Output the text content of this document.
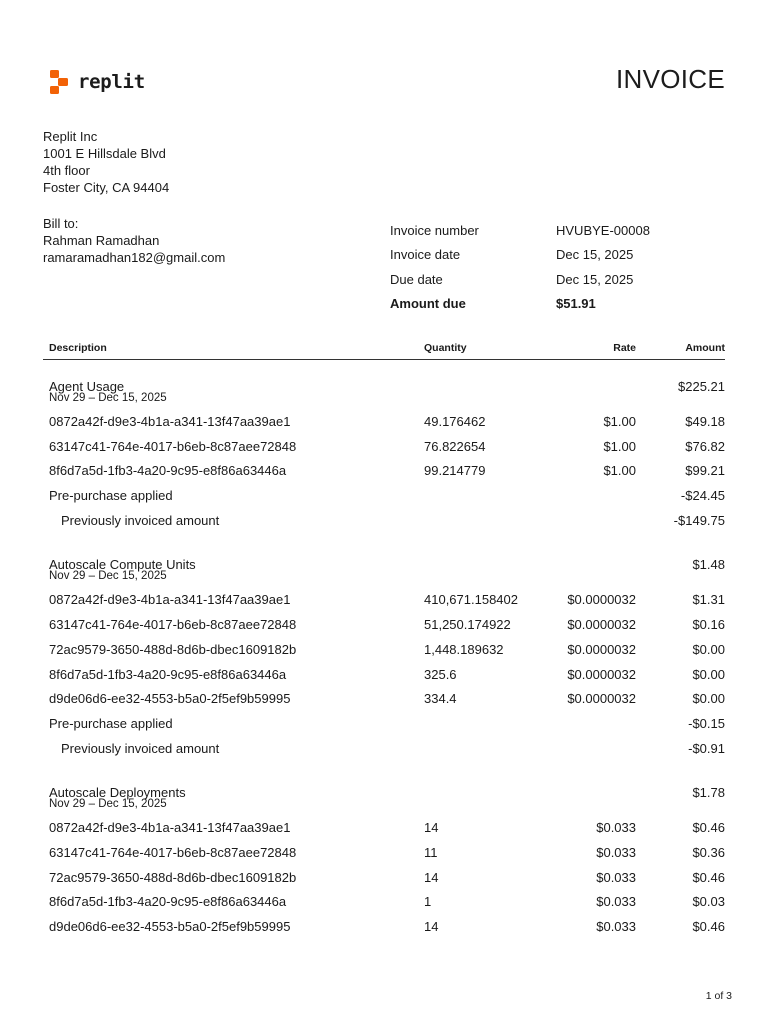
replit	INVOICE
Replit Inc
1001 E Hillsdale Blvd
4th floor
Foster City, CA 94404
Bill to:
Rahman Ramadhan
ramaramadhan182@gmail.com
Invoice number	HVUBYE-00008
Invoice date	Dec 15, 2025
Due date	Dec 15, 2025
Amount due	$51.91
Description	Quantity	Rate	Amount
Agent Usage	$225.21
Nov 29 – Dec 15, 2025
0872a42f-d9e3-4b1a-a341-13f47aa39ae1	49.176462	$1.00	$49.18
63147c41-764e-4017-b6eb-8c87aee72848	76.822654	$1.00	$76.82
8f6d7a5d-1fb3-4a20-9c95-e8f86a63446a	99.214779	$1.00	$99.21
Pre-purchase applied	-$24.45
Previously invoiced amount	-$149.75
Autoscale Compute Units	$1.48
Nov 29 – Dec 15, 2025
0872a42f-d9e3-4b1a-a341-13f47aa39ae1	410,671.158402	$0.0000032	$1.31
63147c41-764e-4017-b6eb-8c87aee72848	51,250.174922	$0.0000032	$0.16
72ac9579-3650-488d-8d6b-dbec1609182b	1,448.189632	$0.0000032	$0.00
8f6d7a5d-1fb3-4a20-9c95-e8f86a63446a	325.6	$0.0000032	$0.00
d9de06d6-ee32-4553-b5a0-2f5ef9b59995	334.4	$0.0000032	$0.00
Pre-purchase applied	-$0.15
Previously invoiced amount	-$0.91
Autoscale Deployments	$1.78
Nov 29 – Dec 15, 2025
0872a42f-d9e3-4b1a-a341-13f47aa39ae1	14	$0.033	$0.46
63147c41-764e-4017-b6eb-8c87aee72848	11	$0.033	$0.36
72ac9579-3650-488d-8d6b-dbec1609182b	14	$0.033	$0.46
8f6d7a5d-1fb3-4a20-9c95-e8f86a63446a	1	$0.033	$0.03
d9de06d6-ee32-4553-b5a0-2f5ef9b59995	14	$0.033	$0.46
1 of 3
